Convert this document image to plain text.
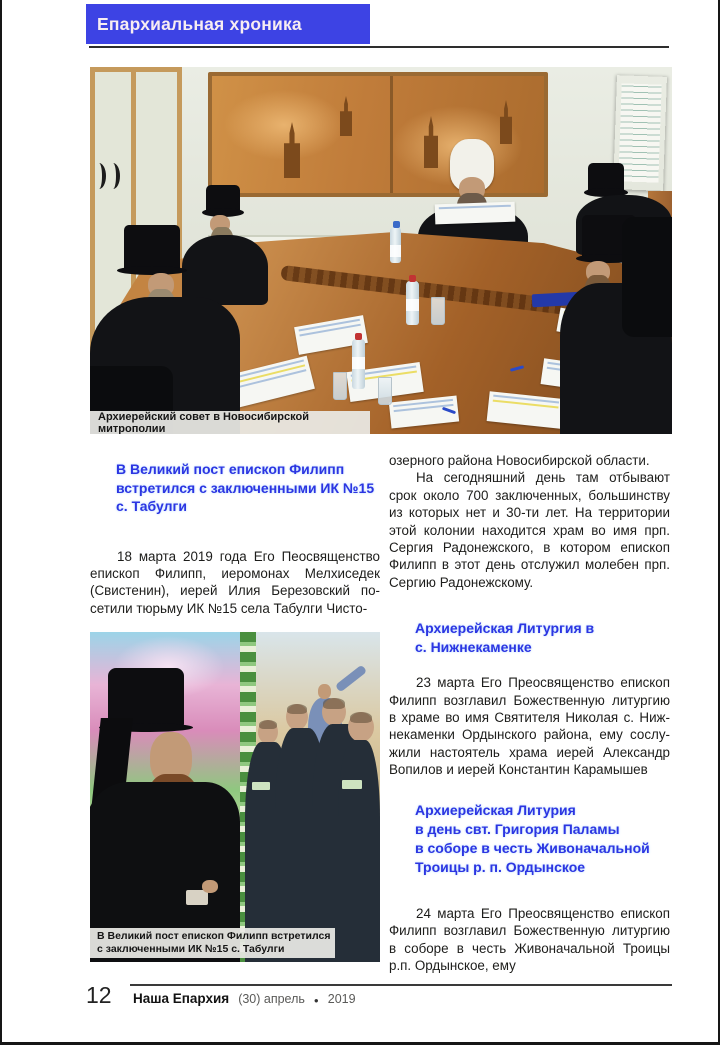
Епархиальная хроника
Архиерейский совет в Новосибирской митрополии
В Великий пост епископ Филипп
встретился с заключенными ИК №15
с. Табулги
18 марта 2019 года Его Пеосвященство епископ Филипп, иеромонах Мелхиседек (Свистенин), иерей Илия Березовский посетили тюрьму ИК №15 села Табулги Чисто-
В Великий пост епископ Филипп встретился
с заключенными ИК №15 с. Табулги
озерного района Новосибирской области.
На сегодняшний день там отбывают срок около 700 заключенных, большинству из которых нет и 30-ти лет. На территории этой колонии находится храм во имя прп. Сергия Радонежского, в котором епископ Филипп в этот день отслужил молебен прп. Сергию Радонежскому.
Архиерейская Литургия в
с. Нижнекаменке
23 марта Его Преосвященство епископ Филипп возглавил Божественную литургию в храме во имя Святителя Николая с. Нижнекаменки Ордынского района, ему сослужили настоятель храма иерей Александр Вопилов и иерей Константин Карамышев
Архиерейская Литурия
в день свт. Григория Паламы
в соборе в честь Живоначальной
Троицы р. п. Ордынское
24 марта Его Преосвященство епископ Филипп возглавил Божественную литургию в соборе в честь Живоначальной Троицы р.п. Ордынское, ему
12 Наша Епархия (30) апрель ● 2019
